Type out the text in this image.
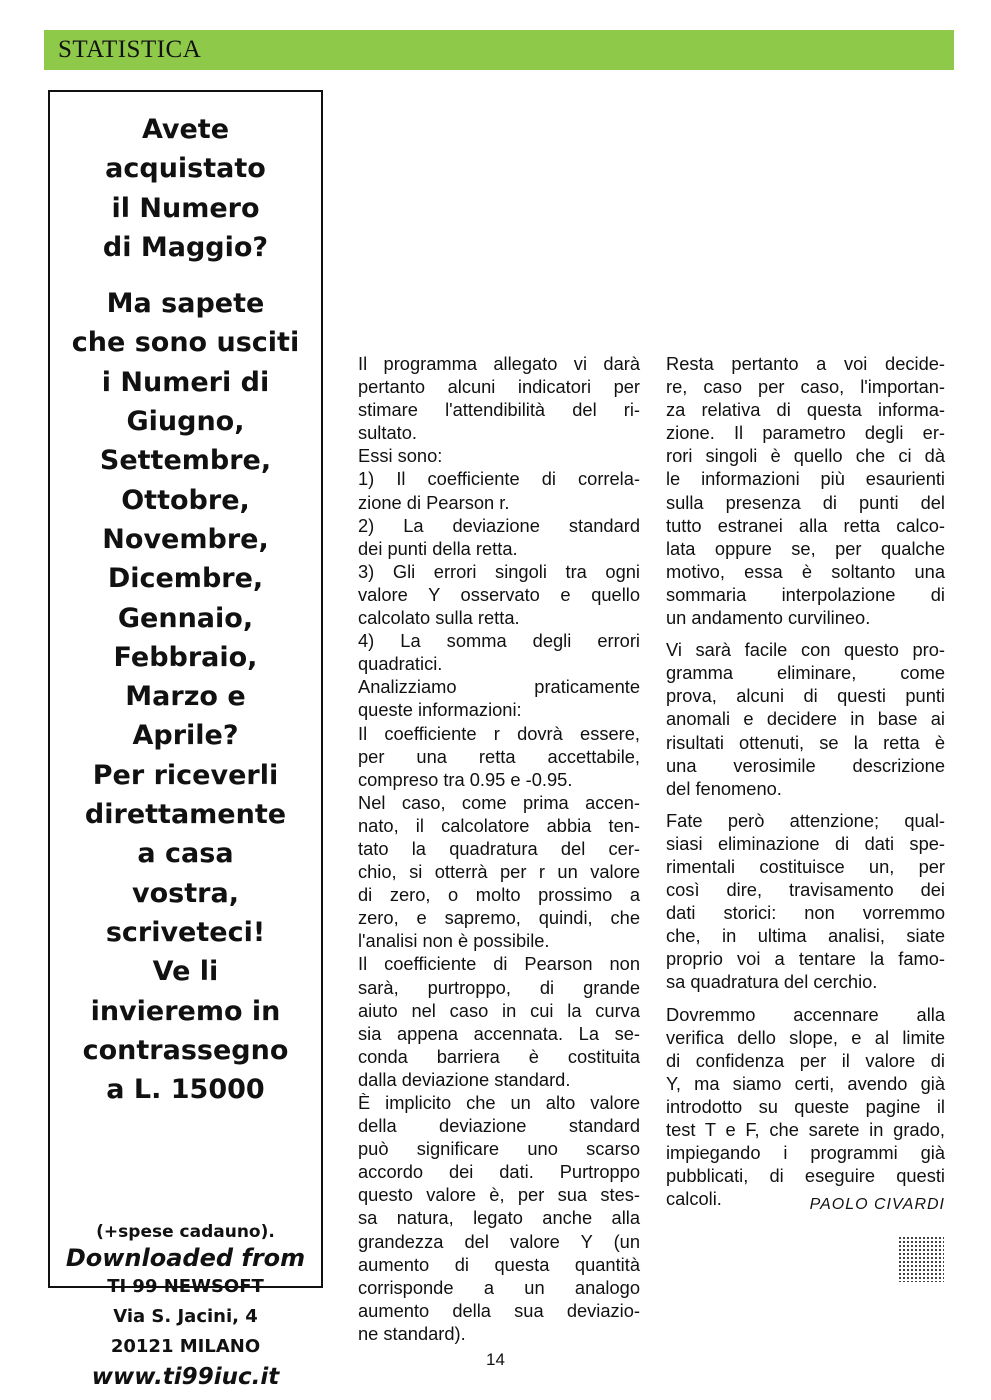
STATISTICA
Avete
acquistato
il Numero
di Maggio?
Ma sapete
che sono usciti
i Numeri di
Giugno,
Settembre,
Ottobre,
Novembre,
Dicembre,
Gennaio,
Febbraio,
Marzo e
Aprile?
Per riceverli
direttamente
a casa
vostra,
scriveteci!
Ve li
invieremo in
contrassegno
a L. 15000
(+spese cadauno).
Downloaded from
TI 99 NEWSOFT
Via S. Jacini, 4
20121 MILANO
www.ti99iuc.it
Il programma allegato vi darà
pertanto alcuni indicatori per
stimare l'attendibilità del ri-
sultato.
Essi sono:
1) Il coefficiente di correla-
zione di Pearson r.
2) La deviazione standard
dei punti della retta.
3) Gli errori singoli tra ogni
valore Y osservato e quello
calcolato sulla retta.
4) La somma degli errori
quadratici.
Analizziamo praticamente
queste informazioni:
Il coefficiente r dovrà essere,
per una retta accettabile,
compreso tra 0.95 e -0.95.
Nel caso, come prima accen-
nato, il calcolatore abbia ten-
tato la quadratura del cer-
chio, si otterrà per r un valore
di zero, o molto prossimo a
zero, e sapremo, quindi, che
l'analisi non è possibile.
Il coefficiente di Pearson non
sarà, purtroppo, di grande
aiuto nel caso in cui la curva
sia appena accennata. La se-
conda barriera è costituita
dalla deviazione standard.
È implicito che un alto valore
della deviazione standard
può significare uno scarso
accordo dei dati. Purtroppo
questo valore è, per sua stes-
sa natura, legato anche alla
grandezza del valore Y (un
aumento di questa quantità
corrisponde a un analogo
aumento della sua deviazio-
ne standard).
Resta pertanto a voi decide-
re, caso per caso, l'importan-
za relativa di questa informa-
zione. Il parametro degli er-
rori singoli è quello che ci dà
le informazioni più esaurienti
sulla presenza di punti del
tutto estranei alla retta calco-
lata oppure se, per qualche
motivo, essa è soltanto una
sommaria interpolazione di
un andamento curvilineo.
Vi sarà facile con questo pro-
gramma eliminare, come
prova, alcuni di questi punti
anomali e decidere in base ai
risultati ottenuti, se la retta è
una verosimile descrizione
del fenomeno.
Fate però attenzione; qual-
siasi eliminazione di dati spe-
rimentali costituisce un, per
così dire, travisamento dei
dati storici: non vorremmo
che, in ultima analisi, siate
proprio voi a tentare la famo-
sa quadratura del cerchio.
Dovremmo accennare alla
verifica dello slope, e al limite
di confidenza per il valore di
Y, ma siamo certi, avendo già
introdotto su queste pagine il
test T e F, che sarete in grado,
impiegando i programmi già
pubblicati, di eseguire questi
calcoli.	PAOLO CIVARDI
14
